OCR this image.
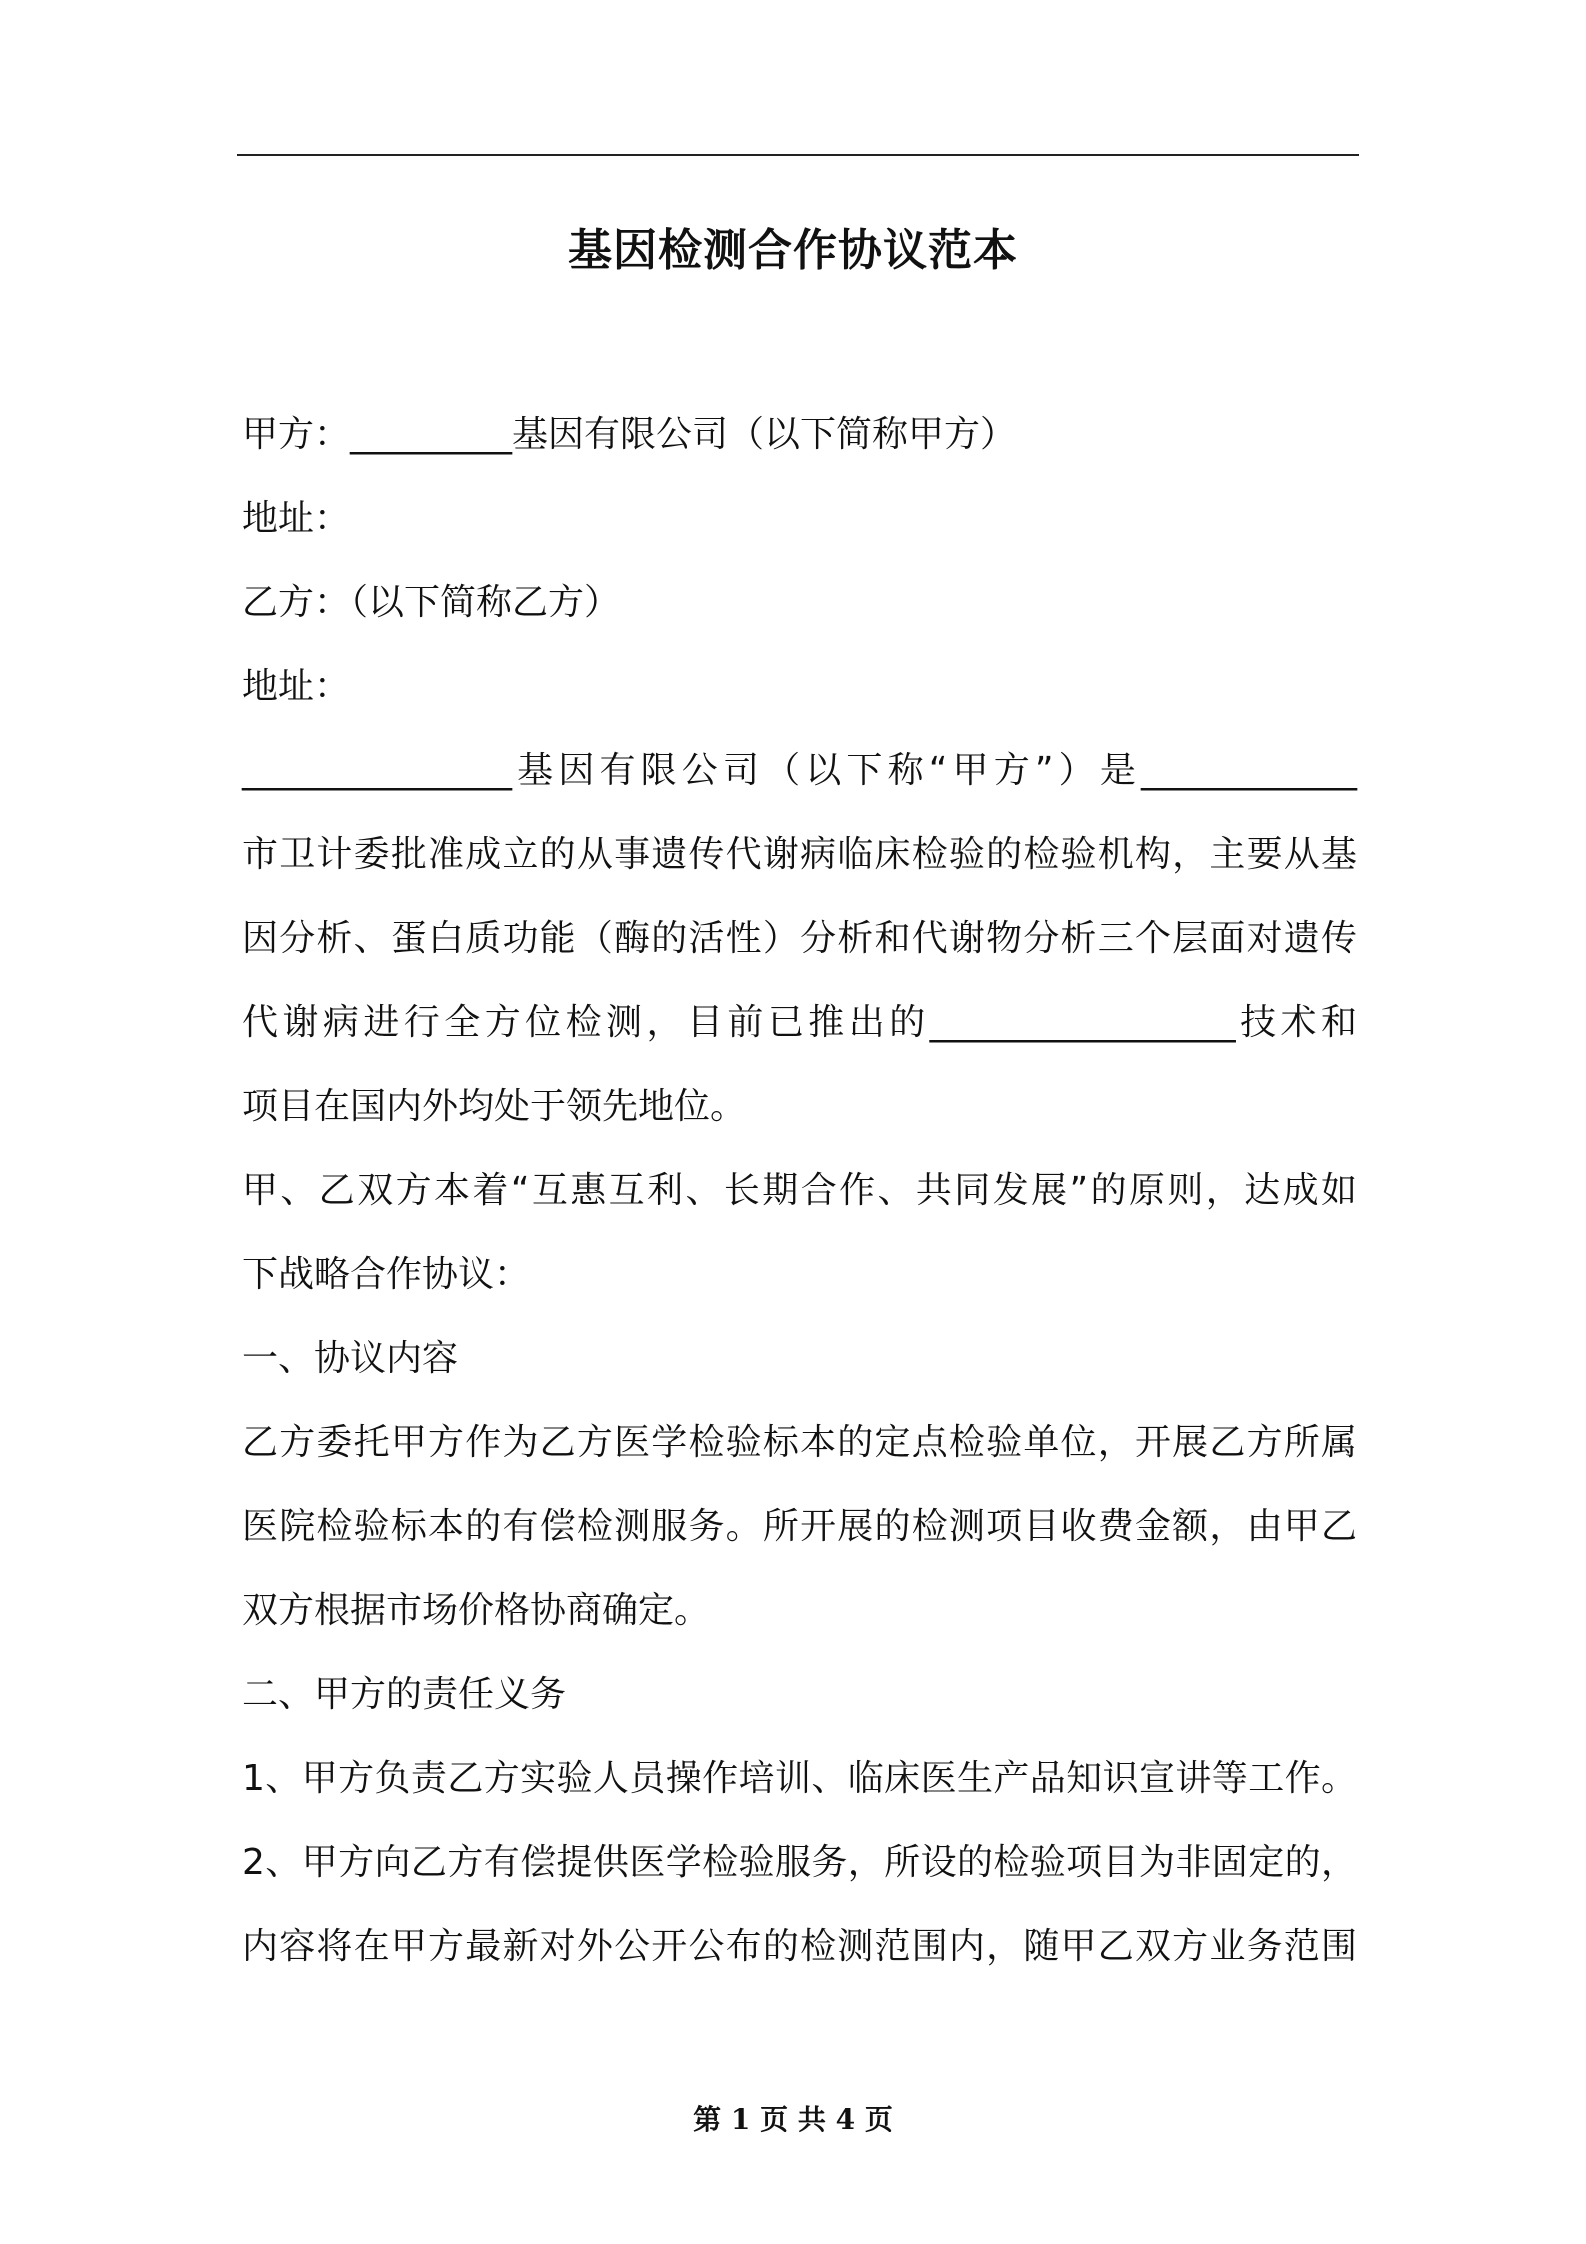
基因检测合作协议范本
甲方：_________基因有限公司（以下简称甲方）
地址：
乙方：（以下简称乙方）
地址：
_______________基因有限公司（以下称“甲方”）是____________
市卫计委批准成立的从事遗传代谢病临床检验的检验机构，主要从基
因分析、蛋白质功能（酶的活性）分析和代谢物分析三个层面对遗传
代谢病进行全方位检测，目前已推出的_________________技术和
项目在国内外均处于领先地位。
甲、乙双方本着“互惠互利、长期合作、共同发展”的原则，达成如
下战略合作协议：
一、协议内容
乙方委托甲方作为乙方医学检验标本的定点检验单位，开展乙方所属
医院检验标本的有偿检测服务。所开展的检测项目收费金额，由甲乙
双方根据市场价格协商确定。
二、甲方的责任义务
1、甲方负责乙方实验人员操作培训、临床医生产品知识宣讲等工作。
2、甲方向乙方有偿提供医学检验服务，所设的检验项目为非固定的，
内容将在甲方最新对外公开公布的检测范围内，随甲乙双方业务范围
第 1 页 共 4 页
